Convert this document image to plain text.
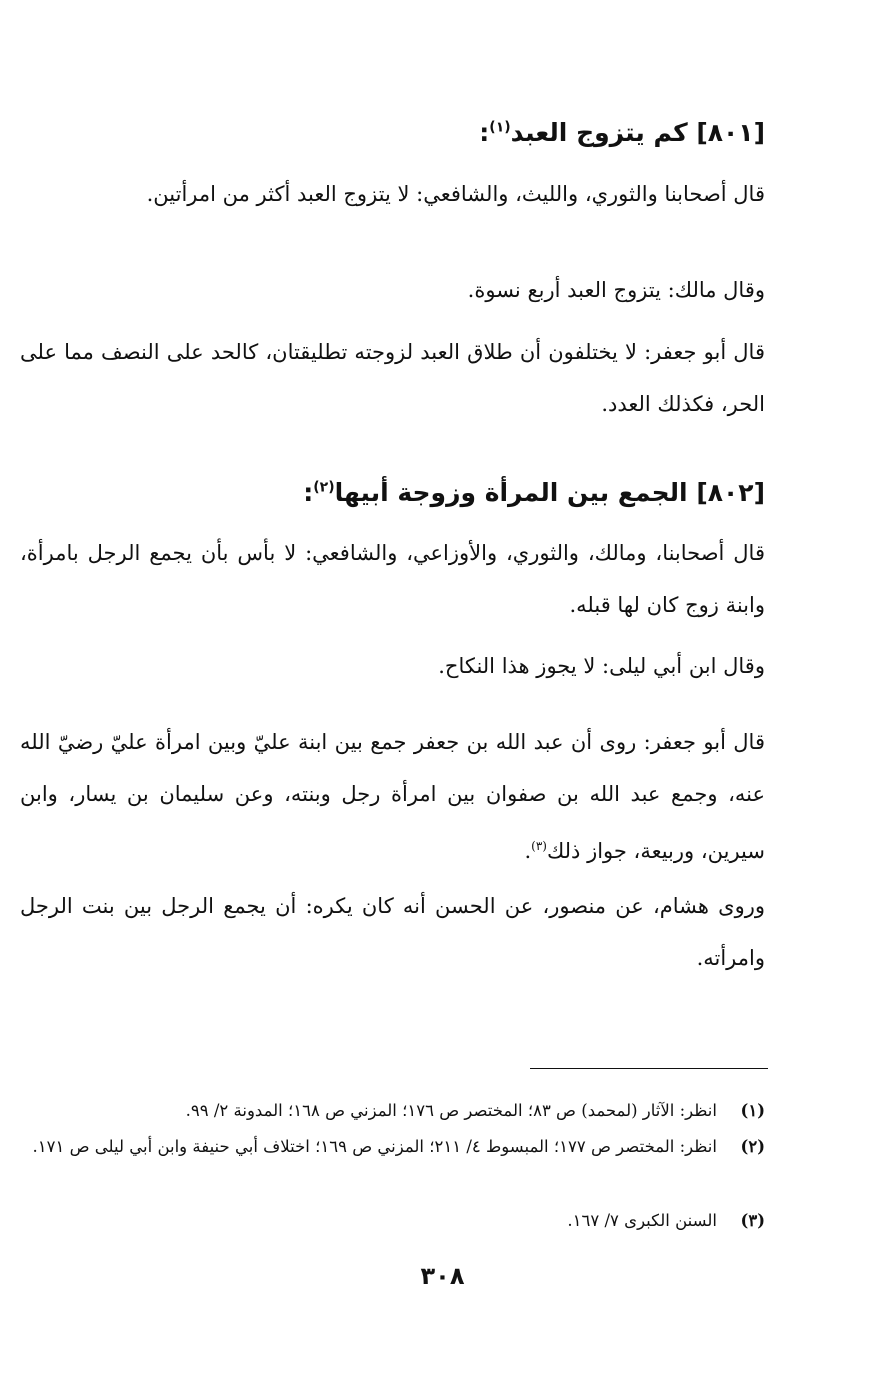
[٨٠١] كم يتزوج العبد$^{(١)}$:
قال أصحابنا والثوري، والليث، والشافعي: لا يتزوج العبد أكثر من امرأتين.
وقال مالك: يتزوج العبد أربع نسوة.
قال أبو جعفر: لا يختلفون أن طلاق العبد لزوجته تطليقتان، كالحد على النصف مما على الحر، فكذلك العدد.
[٨٠٢] الجمع بين المرأة وزوجة أبيها$^{(٢)}$:
قال أصحابنا، ومالك، والثوري، والأوزاعي، والشافعي: لا بأس بأن يجمع الرجل بامرأة، وابنة زوج كان لها قبله.
وقال ابن أبي ليلى: لا يجوز هذا النكاح.
قال أبو جعفر: روى أن عبد الله بن جعفر جمع بين ابنة عليّ وبين امرأة عليّ رضيّ الله عنه، وجمع عبد الله بن صفوان بين امرأة رجل وبنته، وعن سليمان بن يسار، وابن سيرين، وربيعة، جواز ذلك$^{(٣)}$.
وروى هشام، عن منصور، عن الحسن أنه كان يكره: أن يجمع الرجل بين بنت الرجل وامرأته.
(١)
انظر: الآثار (لمحمد) ص ٨٣؛ المختصر ص ١٧٦؛ المزني ص ١٦٨؛ المدونة ٢/ ٩٩.
(٢)
انظر: المختصر ص ١٧٧؛ المبسوط ٤/ ٢١١؛ المزني ص ١٦٩؛ اختلاف أبي حنيفة وابن أبي ليلى ص ١٧١.
(٣)
السنن الكبرى ٧/ ١٦٧.
٣٠٨
